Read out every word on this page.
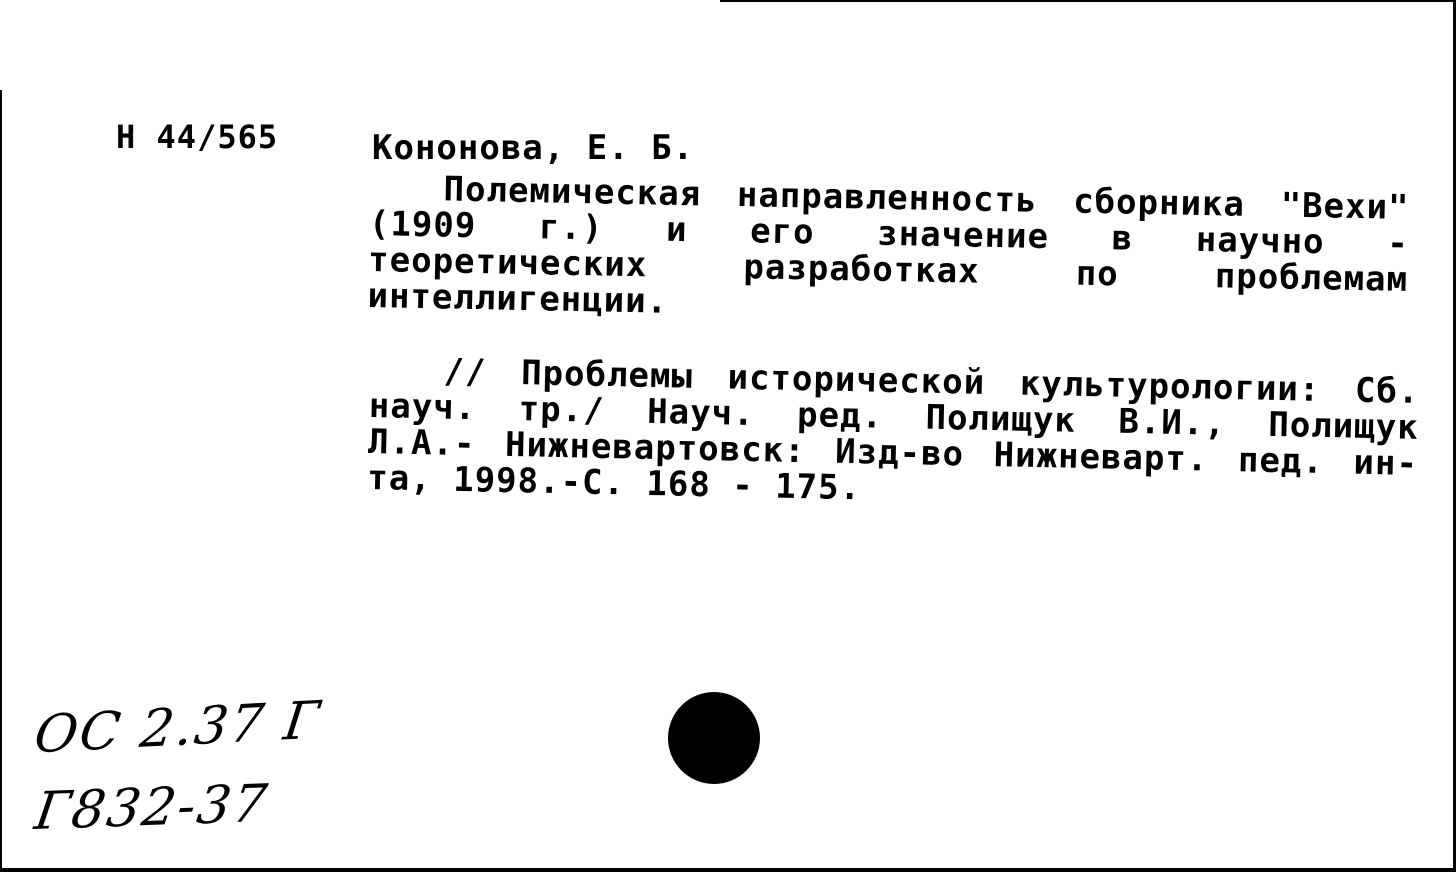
Н 44/565	Кононова, Е. Б.
Полемическая направленность сборника "Вехи" (1909 г.) и его значение в научно - теоретических разработках по проблемам интеллигенции.
// Проблемы исторической культурологии: Сб. науч. тр./ Науч. ред. Полищук В.И., Полищук Л.А.- Нижневартовск: Изд-во Нижневарт. пед. ин-та, 1998.-С. 168 - 175.
ОС 2.37 Г
Г832-37
